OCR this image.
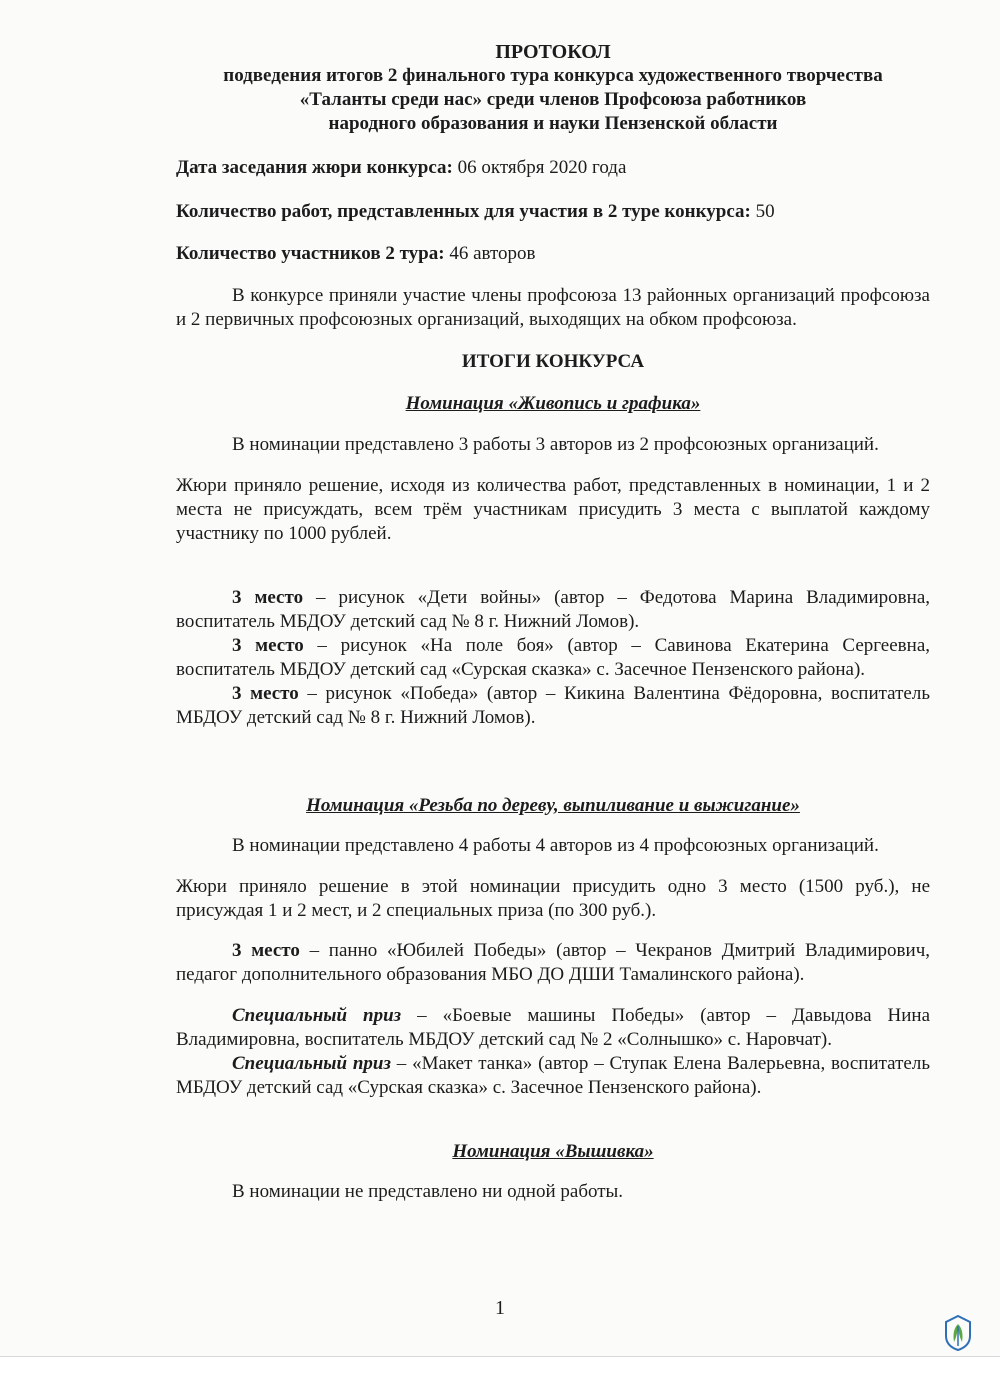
ПРОТОКОЛ

подведения итогов 2 финального тура конкурса художественного творчества

«Таланты среди нас» среди членов Профсоюза работников

народного образования и науки Пензенской области

Дата заседания жюри конкурса: 06 октября 2020 года

Количество работ, представленных для участия в 2 туре конкурса: 50

Количество участников 2 тура: 46 авторов

В конкурсе приняли участие члены профсоюза 13 районных организаций профсоюза и 2 первичных профсоюзных организаций, выходящих на обком профсоюза.

ИТОГИ КОНКУРСА

Номинация «Живопись и графика»

В номинации представлено 3 работы 3 авторов из 2 профсоюзных организаций.

Жюри приняло решение, исходя из количества работ, представленных в номинации, 1 и 2 места не присуждать, всем трём участникам присудить 3 места с выплатой каждому участнику по 1000 рублей.

3 место – рисунок «Дети войны» (автор – Федотова Марина Владимировна, воспитатель МБДОУ детский сад № 8 г. Нижний Ломов).

3 место – рисунок «На поле боя» (автор – Савинова Екатерина Сергеевна, воспитатель МБДОУ детский сад «Сурская сказка» с. Засечное Пензенского района).

3 место – рисунок «Победа» (автор – Кикина Валентина Фёдоровна, воспитатель МБДОУ детский сад № 8 г. Нижний Ломов).

Номинация «Резьба по дереву, выпиливание и выжигание»

В номинации представлено 4 работы 4 авторов из 4 профсоюзных организаций.

Жюри приняло решение в этой номинации присудить одно 3 место (1500 руб.), не присуждая 1 и 2 мест, и 2 специальных приза (по 300 руб.).

3 место – панно «Юбилей Победы» (автор – Чекранов Дмитрий Владимирович, педагог дополнительного образования МБО ДО ДШИ Тамалинского района).

Специальный приз – «Боевые машины Победы» (автор – Давыдова Нина Владимировна, воспитатель МБДОУ детский сад № 2 «Солнышко» с. Наровчат).

Специальный приз – «Макет танка» (автор – Ступак Елена Валерьевна, воспитатель МБДОУ детский сад «Сурская сказка» с. Засечное Пензенского района).

Номинация «Вышивка»

В номинации не представлено ни одной работы.

1
